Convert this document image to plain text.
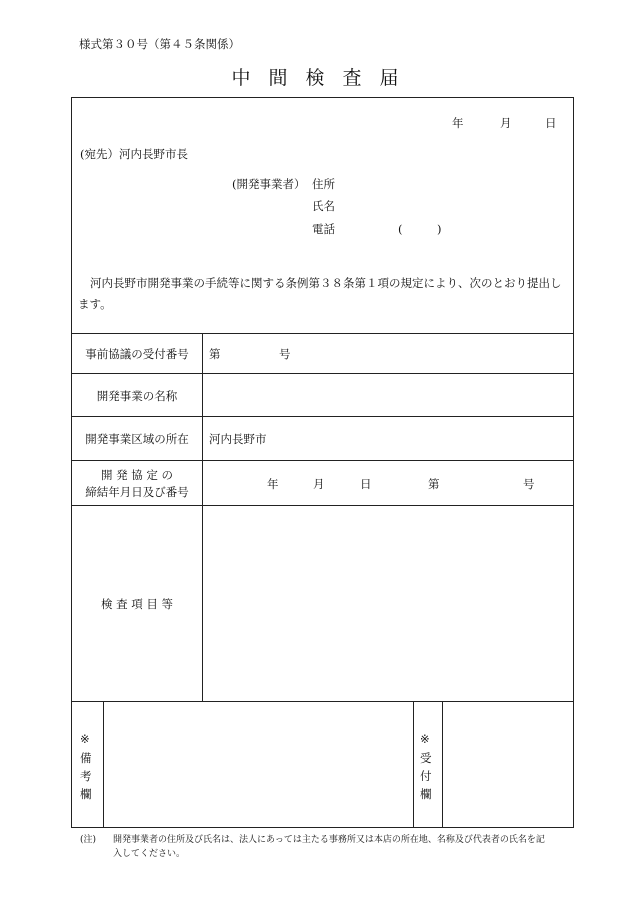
様式第３０号（第４５条関係）
中間検査届
年	月	日
(宛先）河内長野市長
(開発事業者） 住所
氏名
電話	(　　　)
河内長野市開発事業の手続等に関する条例第３８条第１項の規定により、次のとおり提出し
ます。
事前協議の受付番号	第	号
開発事業の名称
開発事業区域の所在	河内長野市
開 発 協 定 の
締結年月日及び番号
年	月	日	第	号
検 査 項 目 等
※
備
考
欄
※
受
付
欄
(注) 開発事業者の住所及び氏名は、法人にあっては主たる事務所又は本店の所在地、名称及び代表者の氏名を記
入してください。
